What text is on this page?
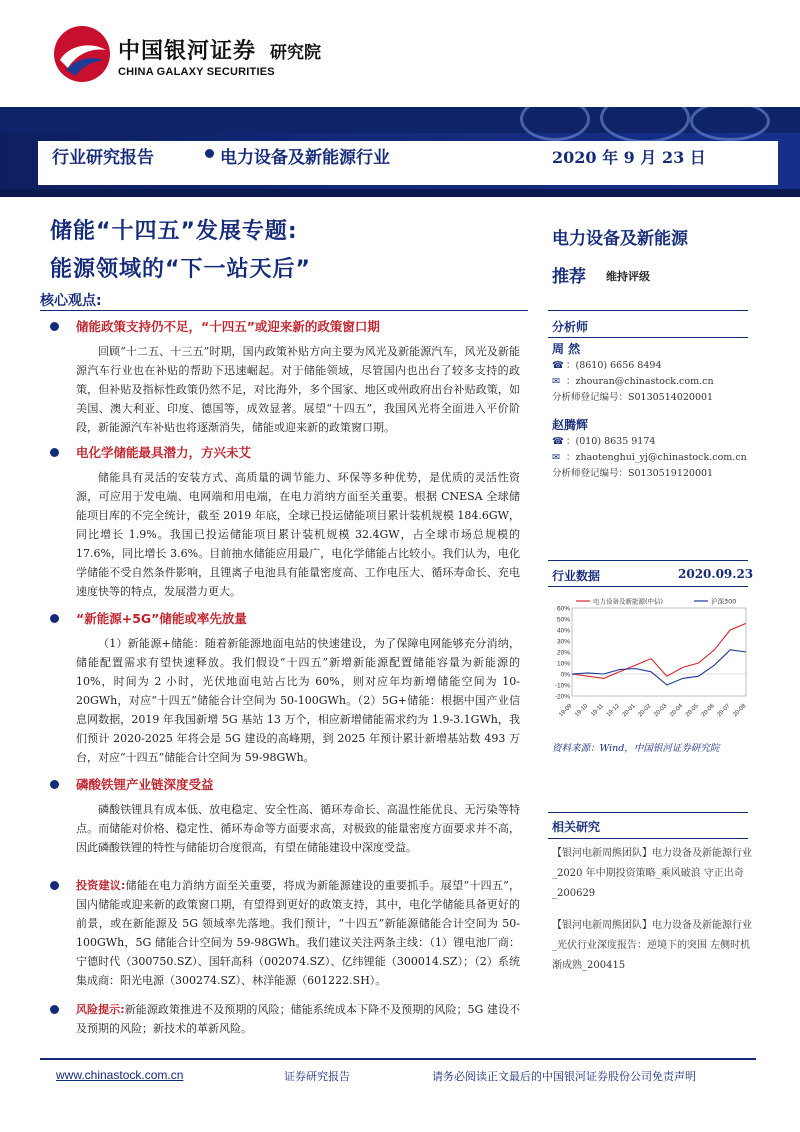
中国银河证券
CHINA GALAXY SECURITIES
研究院
行业研究报告	电力设备及新能源行业	2020 年 9 月 23 日
储能“十四五”发展专题:
能源领域的“下一站天后”
核心观点:
储能政策支持仍不足，“十四五”或迎来新的政策窗口期
回顾“十二五、十三五”时期，国内政策补贴方向主要为风光及新能源汽车，风光及新能源汽车行业也在补贴的帮助下迅速崛起。对于储能领域，尽管国内也出台了较多支持的政策，但补贴及指标性政策仍然不足，对比海外，多个国家、地区或州政府出台补贴政策，如美国、澳大利亚、印度、德国等，成效显著。展望“十四五”，我国风光将全面进入平价阶段，新能源汽车补贴也将逐渐消失，储能或迎来新的政策窗口期。
电化学储能最具潜力，方兴未艾
储能具有灵活的安装方式、高质量的调节能力、环保等多种优势，是优质的灵活性资源，可应用于发电端、电网端和用电端，在电力消纳方面至关重要。根据 CNESA 全球储能项目库的不完全统计，截至 2019 年底，全球已投运储能项目累计装机规模 184.6GW，同比增长 1.9%。我国已投运储能项目累计装机规模 32.4GW，占全球市场总规模的 17.6%，同比增长 3.6%。目前抽水储能应用最广，电化学储能占比较小。我们认为，电化学储能不受自然条件影响，且锂离子电池具有能量密度高、工作电压大、循环寿命长、充电速度快等的特点，发展潜力更大。
“新能源+5G”储能或率先放量
（1）新能源+储能：随着新能源地面电站的快速建设，为了保障电网能够充分消纳，储能配置需求有望快速释放。我们假设“十四五”新增新能源配置储能容量为新能源的 10%，时间为 2 小时，光伏地面电站占比为 60%，则对应年均新增储能空间为 10-20GWh，对应“十四五”储能合计空间为 50-100GWh。（2）5G+储能：根据中国产业信息网数据，2019 年我国新增 5G 基站 13 万个，相应新增储能需求约为 1.9-3.1GWh，我们预计 2020-2025 年将会是 5G 建设的高峰期，到 2025 年预计累计新增基站数 493 万台，对应“十四五”储能合计空间为 59-98GWh。
磷酸铁锂产业链深度受益
磷酸铁锂具有成本低、放电稳定、安全性高、循环寿命长、高温性能优良、无污染等特点。而储能对价格、稳定性、循环寿命等方面要求高，对极致的能量密度方面要求并不高，因此磷酸铁锂的特性与储能切合度很高，有望在储能建设中深度受益。
投资建议:储能在电力消纳方面至关重要，将成为新能源建设的重要抓手。展望“十四五”，国内储能或迎来新的政策窗口期，有望得到更好的政策支持，其中，电化学储能具备更好的前景，或在新能源及 5G 领域率先落地。我们预计，“十四五”新能源储能合计空间为 50-100GWh，5G 储能合计空间为 59-98GWh。我们建议关注两条主线：（1）锂电池厂商：宁德时代（300750.SZ）、国轩高科（002074.SZ）、亿纬锂能（300014.SZ）；（2）系统集成商：阳光电源（300274.SZ）、林洋能源（601222.SH）。
风险提示:新能源政策推进不及预期的风险；储能系统成本下降不及预期的风险；5G 建设不及预期的风险；新技术的革新风险。
电力设备及新能源
推荐 维持评级
分析师
周 然
☎ ：(8610) 6656 8494
✉ ：zhouran@chinastock.com.cn
分析师登记编号：S0130514020001
赵腾辉
☎ ：(010) 8635 9174
✉ ：zhaotenghui_yj@chinastock.com.cn
分析师登记编号：S0130519120001
行业数据	2020.09.23
60%
50%
40%
30%
20%
10%
0%
-10%
-20%
19-09 19-10 19-11 19-12 20-01 20-02 20-03 20-04 20-05 20-06 20-07 20-08
电力设备及新能源(中信)	沪深300
资料来源：Wind，中国银河证券研究院
相关研究
【银河电新周熊团队】电力设备及新能源行业_2020 年中期投资策略_乘风破浪 守正出奇_200629
【银河电新周熊团队】电力设备及新能源行业_光伏行业深度报告：逆境下的突围 左侧时机渐成熟_200415
www.chinastock.com.cn	证券研究报告	请务必阅读正文最后的中国银河证券股份公司免责声明
